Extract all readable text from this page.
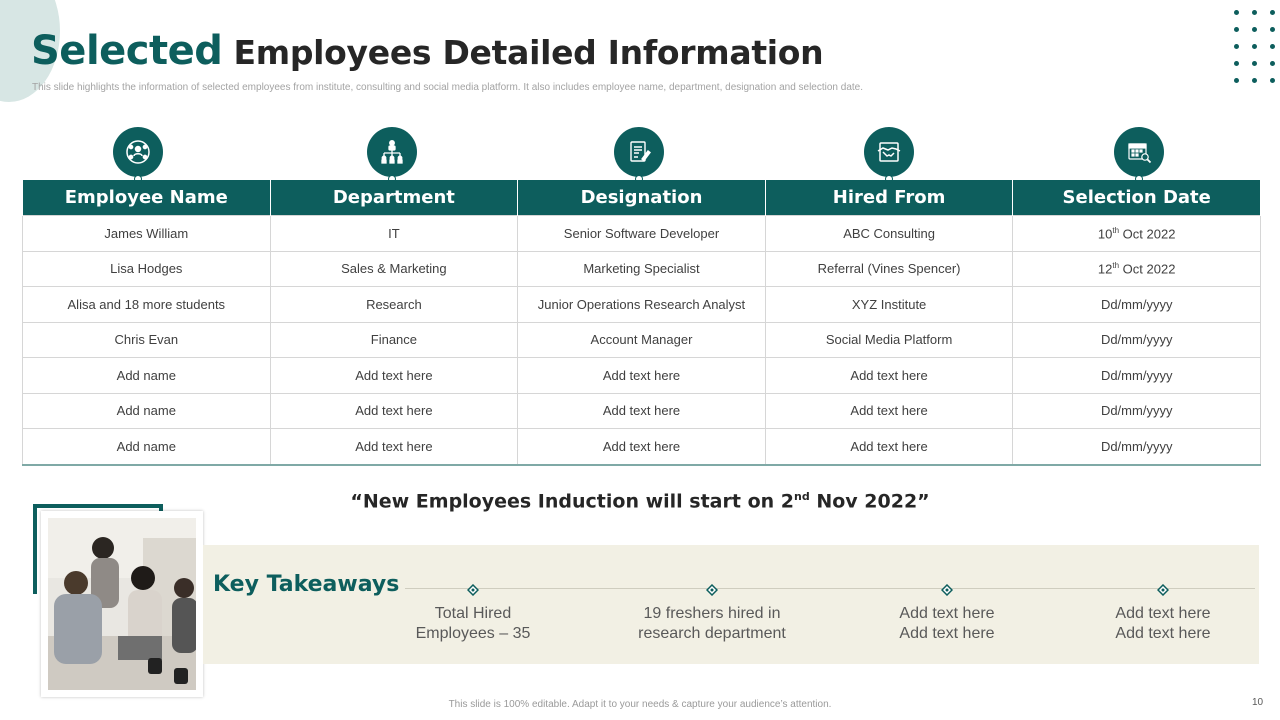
Selected Employees Detailed Information
This slide highlights the information of selected employees from institute, consulting and social media platform. It also includes employee name, department, designation and selection date.
Employee Name	Department	Designation	Hired From	Selection Date
James William	IT	Senior Software Developer	ABC Consulting	10th Oct 2022
Lisa Hodges	Sales & Marketing	Marketing Specialist	Referral (Vines Spencer)	12th Oct 2022
Alisa and 18 more students	Research	Junior Operations Research Analyst	XYZ Institute	Dd/mm/yyyy
Chris Evan	Finance	Account Manager	Social Media Platform	Dd/mm/yyyy
Add name	Add text here	Add text here	Add text here	Dd/mm/yyyy
Add name	Add text here	Add text here	Add text here	Dd/mm/yyyy
Add name	Add text here	Add text here	Add text here	Dd/mm/yyyy
“New Employees Induction will start on 2nd Nov 2022”
Key Takeaways
Total Hired
Employees – 35
19 freshers hired in
research department
Add text here
Add text here
Add text here
Add text here
This slide is 100% editable. Adapt it to your needs & capture your audience’s attention.	10
